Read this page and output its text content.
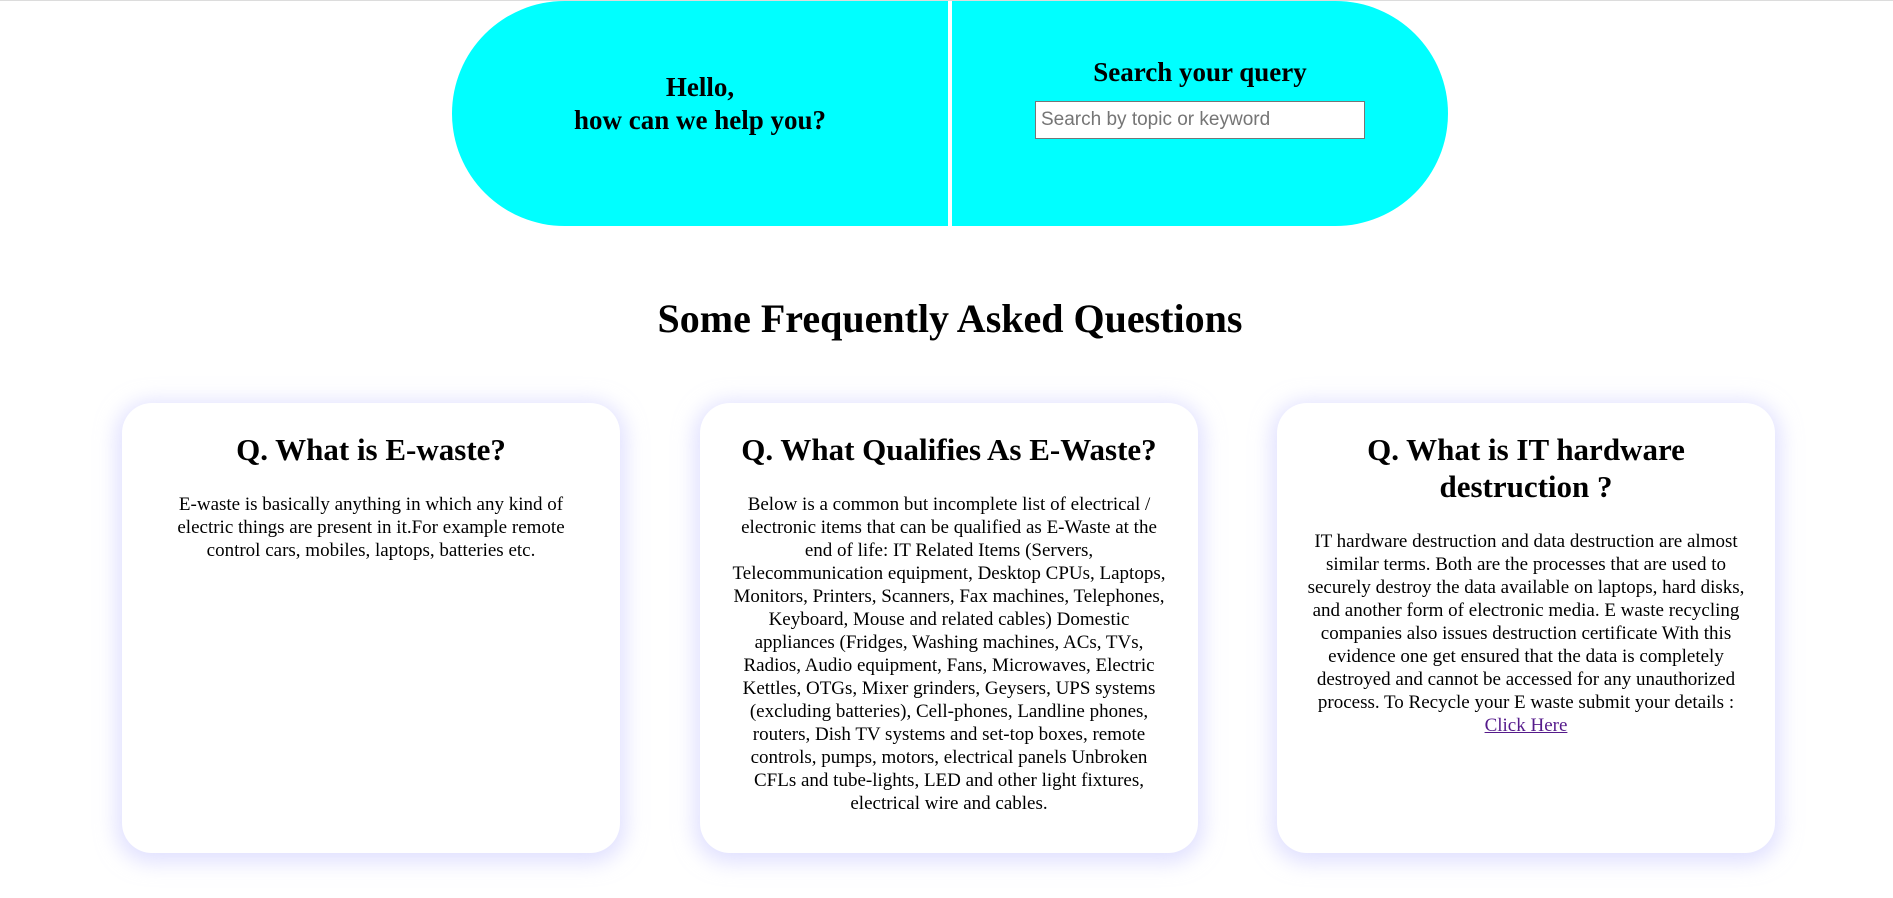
Hello,
how can we help you?
Search your query
Search by topic or keyword
Some Frequently Asked Questions
Q. What is E-waste?

E-waste is basically anything in which any kind of electric things are present in it.For example remote control cars, mobiles, laptops, batteries etc.

Q. What Qualifies As E-Waste?

Below is a common but incomplete list of electrical / electronic items that can be qualified as E-Waste at the end of life: IT Related Items (Servers, Telecommunication equipment, Desktop CPUs, Laptops, Monitors, Printers, Scanners, Fax machines, Telephones, Keyboard, Mouse and related cables) Domestic appliances (Fridges, Washing machines, ACs, TVs, Radios, Audio equipment, Fans, Microwaves, Electric Kettles, OTGs, Mixer grinders, Geysers, UPS systems (excluding batteries), Cell-phones, Landline phones, routers, Dish TV systems and set-top boxes, remote controls, pumps, motors, electrical panels Unbroken CFLs and tube-lights, LED and other light fixtures, electrical wire and cables.

Q. What is IT hardware destruction ?

IT hardware destruction and data destruction are almost similar terms. Both are the processes that are used to securely destroy the data available on laptops, hard disks, and another form of electronic media. E waste recycling companies also issues destruction certificate With this evidence one get ensured that the data is completely destroyed and cannot be accessed for any unauthorized process. To Recycle your E waste submit your details : Click Here
